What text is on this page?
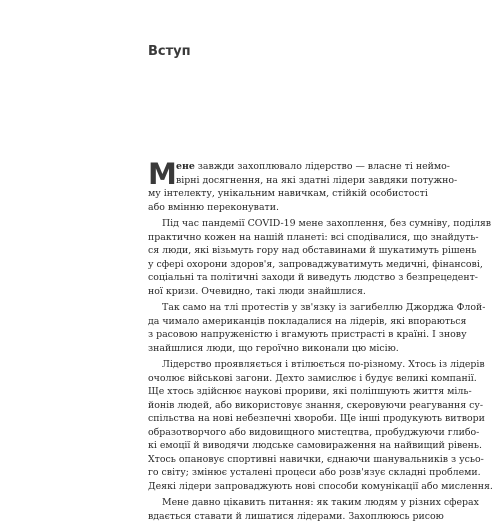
Вступ
М ене завжди захоплювало лідерство — власне ті неймо-
вірні досягнення, на які здатні лідери завдяки потужно-
му інтелекту, унікальним навичкам, стійкій особистості
або вмінню переконувати.
Під час пандемії COVID-19 мене захоплення, без сумніву, поділяв
практично кожен на нашій планеті: всі сподівалися, що знайдуть-
ся люди, які візьмуть гору над обставинами й шукатимуть рішень
у сфері охорони здоров'я, запроваджуватимуть медичні, фінансові,
соціальні та політичні заходи й виведуть людство з безпрецедент-
ної кризи. Очевидно, такі люди знайшлися.
Так само на тлі протестів у зв'язку із загибеллю Джорджа Флой-
да чимало американців покладалися на лідерів, які впораються
з расовою напруженістю і вгамують пристрасті в країні. І знову
знайшлися люди, що героїчно виконали цю місію.
Лідерство проявляється і втілюється по-різному. Хтось із лідерів
очолює військові загони. Дехто замислює і будує великі компанії.
Ще хтось здійснює наукові прориви, які поліпшують життя міль-
йонів людей, або використовує знання, скеровуючи реагування су-
спільства на нові небезпечні хвороби. Ще інші продукують витвори
образотворчого або видовищного мистецтва, пробуджуючи глибо-
кі емоції й виводячи людське самовираження на найвищий рівень.
Хтось опановує спортивні навички, єднаючи шанувальників з усьо-
го світу; змінює усталені процеси або розв'язує складні проблеми.
Деякі лідери запроваджують нові способи комунікації або мислення.
Мене давно цікавить питання: як таким людям у різних сферах
вдається ставати й лишатися лідерами. Захоплююсь рисою
